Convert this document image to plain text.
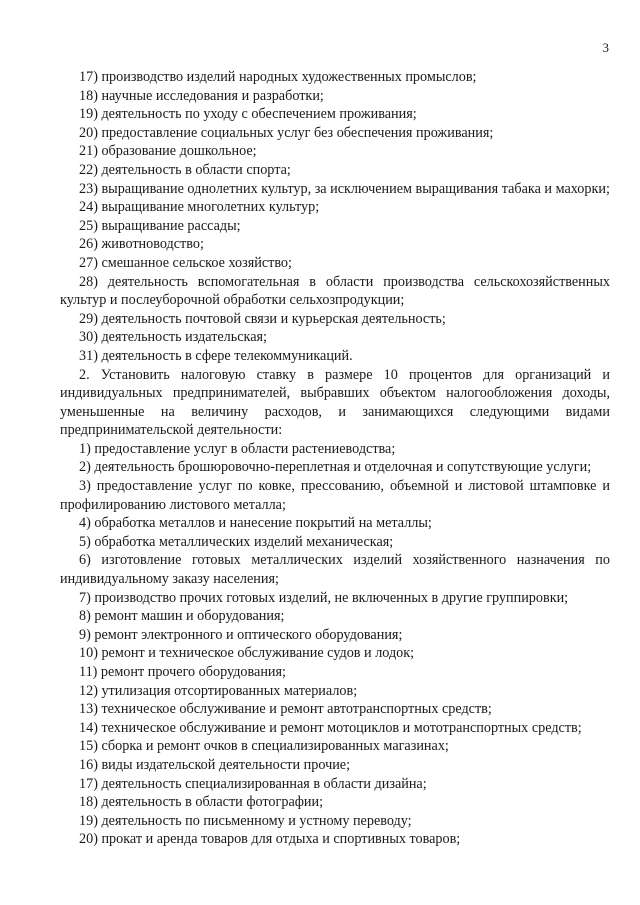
3

17) производство изделий народных художественных промыслов;

18) научные исследования и разработки;

19) деятельность по уходу с обеспечением проживания;

20) предоставление социальных услуг без обеспечения проживания;

21) образование дошкольное;

22) деятельность в области спорта;

23) выращивание однолетних культур, за исключением выращивания табака и махорки;

24) выращивание многолетних культур;

25) выращивание рассады;

26) животноводство;

27) смешанное сельское хозяйство;

28) деятельность вспомогательная в области производства сельскохозяйственных культур и послеуборочной обработки сельхозпродукции;

29) деятельность почтовой связи и курьерская деятельность;

30) деятельность издательская;

31) деятельность в сфере телекоммуникаций.

2. Установить налоговую ставку в размере 10 процентов для организаций и индивидуальных предпринимателей, выбравших объектом налогообложения доходы, уменьшенные на величину расходов, и занимающихся следующими видами предпринимательской деятельности:

1) предоставление услуг в области растениеводства;

2) деятельность брошюровочно-переплетная и отделочная и сопутствующие услуги;

3) предоставление услуг по ковке, прессованию, объемной и листовой штамповке и профилированию листового металла;

4) обработка металлов и нанесение покрытий на металлы;

5) обработка металлических изделий механическая;

6) изготовление готовых металлических изделий хозяйственного назначения по индивидуальному заказу населения;

7) производство прочих готовых изделий, не включенных в другие группировки;

8) ремонт машин и оборудования;

9) ремонт электронного и оптического оборудования;

10) ремонт и техническое обслуживание судов и лодок;

11) ремонт прочего оборудования;

12) утилизация отсортированных материалов;

13) техническое обслуживание и ремонт автотранспортных средств;

14) техническое обслуживание и ремонт мотоциклов и мототранспортных средств;

15) сборка и ремонт очков в специализированных магазинах;

16) виды издательской деятельности прочие;

17) деятельность специализированная в области дизайна;

18) деятельность в области фотографии;

19) деятельность по письменному и устному переводу;

20) прокат и аренда товаров для отдыха и спортивных товаров;
